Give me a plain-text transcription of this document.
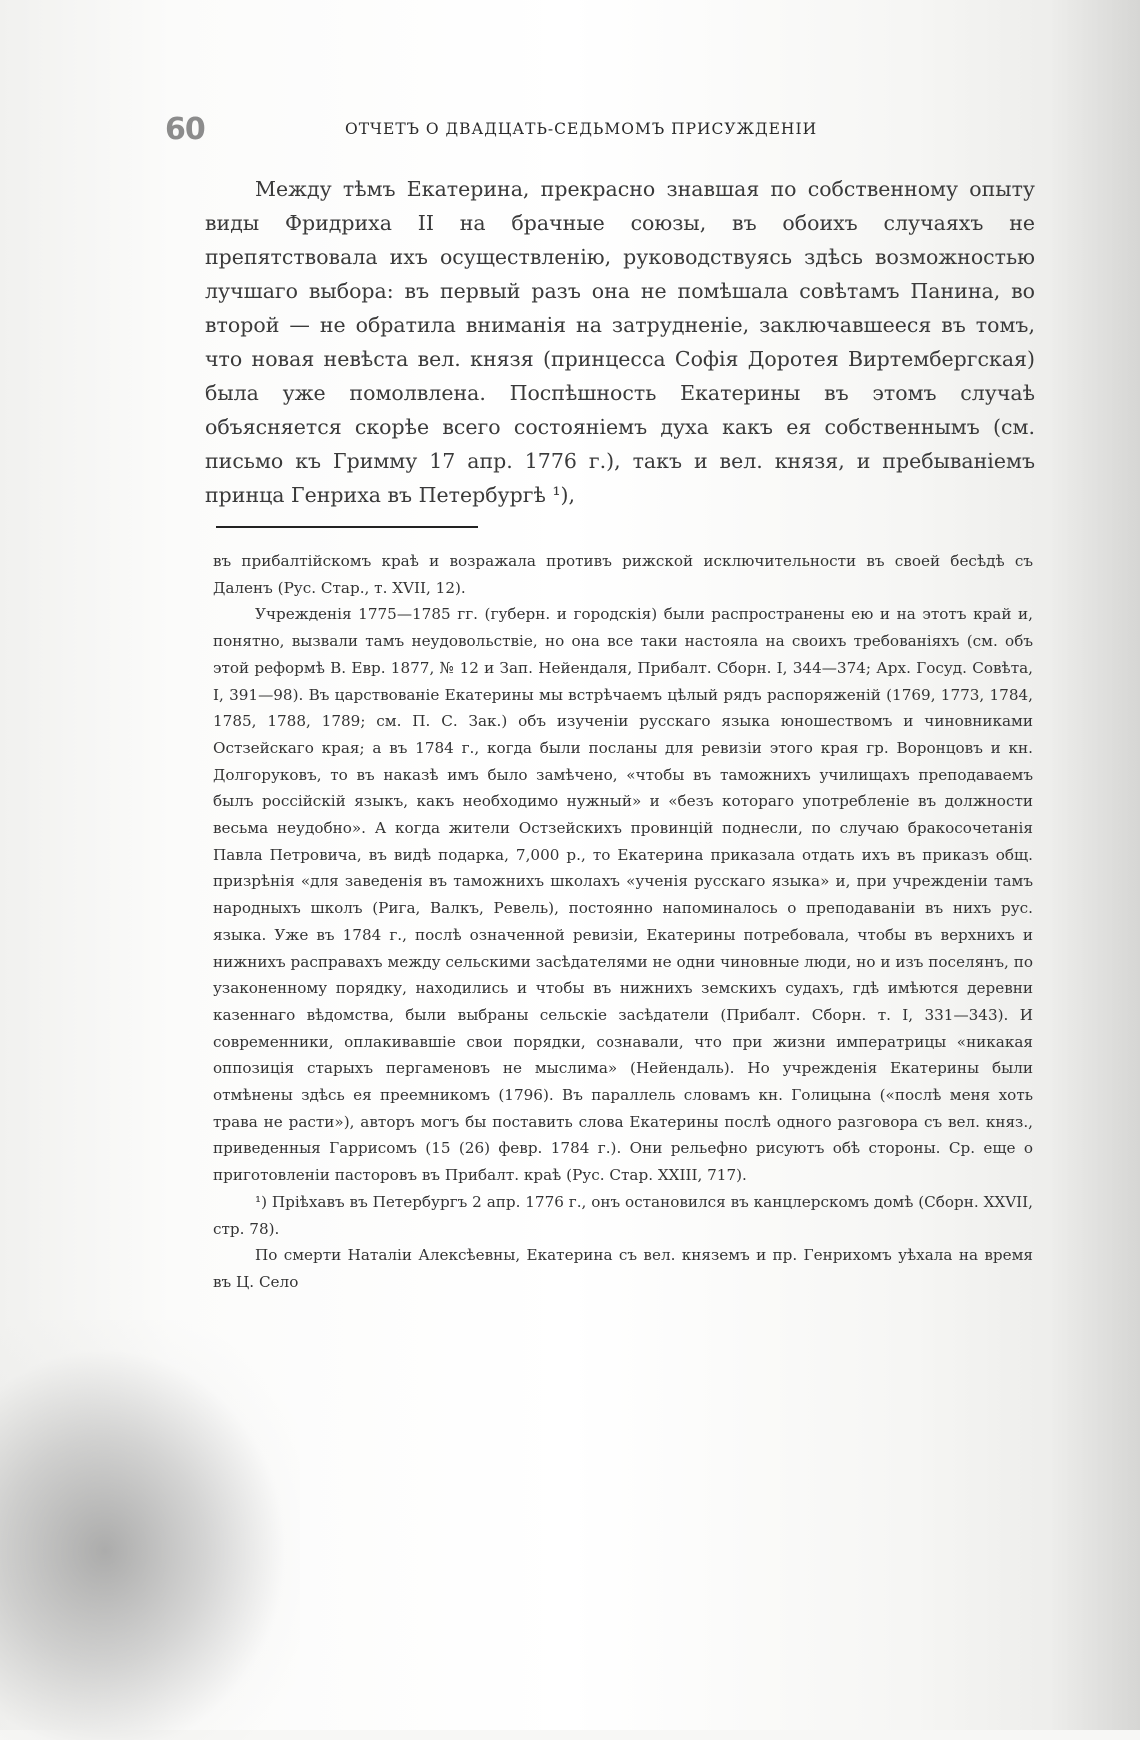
60	ОТЧЕТЪ О ДВАДЦАТЬ-СЕДЬМОМЪ ПРИСУЖДЕНІИ

Между тѣмъ Екатерина, прекрасно знавшая по собственному опыту виды Фридриха II на брачные союзы, въ обоихъ случаяхъ не препятствовала ихъ осуществленію, руководствуясь здѣсь возможностью лучшаго выбора: въ первый разъ она не помѣшала совѣтамъ Панина, во второй — не обратила вниманія на затрудненіе, заключавшееся въ томъ, что новая невѣста вел. князя (принцесса Софія Доротея Виртембергская) была уже помолвлена. Поспѣшность Екатерины въ этомъ случаѣ объясняется скорѣе всего состояніемъ духа какъ ея собственнымъ (см. письмо къ Гримму 17 апр. 1776 г.), такъ и вел. князя, и пребываніемъ принца Генриха въ Петербургѣ ¹),

въ прибалтійскомъ краѣ и возражала противъ рижской исключительности въ своей бесѣдѣ съ Даленъ (Рус. Стар., т. XVII, 12).

Учрежденія 1775—1785 гг. (губерн. и городскія) были распространены ею и на этотъ край и, понятно, вызвали тамъ неудовольствіе, но она все таки настояла на своихъ требованіяхъ (см. объ этой реформѣ В. Евр. 1877, № 12 и Зап. Нейендаля, Прибалт. Сборн. I, 344—374; Арх. Госуд. Совѣта, I, 391—98). Въ царствованіе Екатерины мы встрѣчаемъ цѣлый рядъ распоряженій (1769, 1773, 1784, 1785, 1788, 1789; см. П. С. Зак.) объ изученіи русскаго языка юношествомъ и чиновниками Остзейскаго края; а въ 1784 г., когда были посланы для ревизіи этого края гр. Воронцовъ и кн. Долгоруковъ, то въ наказѣ имъ было замѣчено, «чтобы въ таможнихъ училищахъ преподаваемъ былъ россійскій языкъ, какъ необходимо нужный» и «безъ котораго употребленіе въ должности весьма неудобно». А когда жители Остзейскихъ провинцій поднесли, по случаю бракосочетанія Павла Петровича, въ видѣ подарка, 7,000 р., то Екатерина приказала отдать ихъ въ приказъ общ. призрѣнія «для заведенія въ таможнихъ школахъ «ученія русскаго языка» и, при учрежденіи тамъ народныхъ школъ (Рига, Валкъ, Ревель), постоянно напоминалось о преподаваніи въ нихъ рус. языка. Уже въ 1784 г., послѣ означенной ревизіи, Екатерины потребовала, чтобы въ верхнихъ и нижнихъ расправахъ между сельскими засѣдателями не одни чиновные люди, но и изъ поселянъ, по узаконенному порядку, находились и чтобы въ нижнихъ земскихъ судахъ, гдѣ имѣются деревни казеннаго вѣдомства, были выбраны сельскіе засѣдатели (Прибалт. Сборн. т. I, 331—343). И современники, оплакивавшіе свои порядки, сознавали, что при жизни императрицы «никакая оппозиція старыхъ пергаменовъ не мыслима» (Нейендаль). Но учрежденія Екатерины были отмѣнены здѣсь ея преемникомъ (1796). Въ параллель словамъ кн. Голицына («послѣ меня хоть трава не расти»), авторъ могъ бы поставить слова Екатерины послѣ одного разговора съ вел. княз., приведенныя Гаррисомъ (15 (26) февр. 1784 г.). Они рельефно рисуютъ обѣ стороны. Ср. еще о приготовленіи пасторовъ въ Прибалт. краѣ (Рус. Стар. XXIII, 717).

¹) Пріѣхавъ въ Петербургъ 2 апр. 1776 г., онъ остановился въ канцлерскомъ домѣ (Сборн. XXVII, стр. 78).

По смерти Наталіи Алексѣевны, Екатерина съ вел. княземъ и пр. Генрихомъ уѣхала на время въ Ц. Село
